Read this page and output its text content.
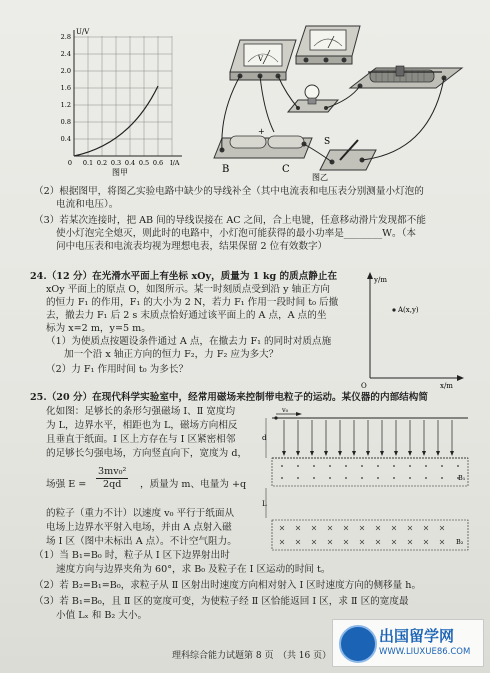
U/V
2.8
2.4
2.0
1.6
1.2
0.8
0.4
0 0.1 0.2 0.3 0.4 0.5 0.6 I/A
图甲
V
+
S
B	C
图乙
（2）根据图甲，将图乙实验电路中缺少的导线补全（其中电流表和电压表分别测量小灯泡的
电流和电压）。
（3）若某次连接时，把 AB 间的导线误接在 AC 之间，合上电键，任意移动滑片发现都不能
使小灯泡完全熄灭，则此时的电路中，小灯泡可能获得的最小功率是________W。（本
问中电压表和电流表均视为理想电表，结果保留 2 位有效数字）
24.（12 分）在光滑水平面上有坐标 xOy，质量为 1 kg 的质点静止在
xOy 平面上的原点 O，如图所示。某一时刻质点受到沿 y 轴正方向
的恒力 F₁ 的作用，F₁ 的大小为 2 N，若力 F₁ 作用一段时间 t₀ 后撤
去，撤去力 F₁ 后 2 s 末质点恰好通过该平面上的 A 点，A 点的坐
标为 x=2 m，y=5 m。
（1）为使质点按题设条件通过 A 点，在撤去力 F₁ 的同时对质点施
加一个沿 x 轴正方向的恒力 F₂，力 F₂ 应为多大？
（2）力 F₁ 作用时间 t₀ 为多长？
y/m
A(x,y)
x/m
O
25.（20 分）在现代科学实验室中，经常用磁场来控制带电粒子的运动。某仪器的内部结构简
化如图：足够长的条形匀强磁场 Ⅰ、Ⅱ 宽度均
为 L，边界水平，相距也为 L，磁场方向相反
且垂直于纸面。Ⅰ 区上方存在与 Ⅰ 区紧密相邻
的足够长匀强电场，方向竖直向下，宽度为 d，
场强 $E = \frac{\text{3mv₀²}}{2qd}$ ，质量为 m、电量为 +q
的粒子（重力不计）以速度 v₀ 平行于纸面从
电场上边界水平射入电场，并由 A 点射入磁
场 Ⅰ 区（图中未标出 A 点）。不计空气阻力。
（1）当 B₁=B₀ 时，粒子从 Ⅰ 区下边界射出时
速度方向与边界夹角为 60°，求 B₀ 及粒子在 Ⅰ 区运动的时间 t。
（2）若 B₂=B₁=B₀，求粒子从 Ⅱ 区射出时速度方向相对射入 Ⅰ 区时速度方向的侧移量 h。
（3）若 B₁=B₀，且 Ⅱ 区的宽度可变，为使粒子经 Ⅱ 区恰能返回 Ⅰ 区，求 Ⅱ 区的宽度最
小值 Lₓ 和 B₂ 大小。
v₀
d
B₁
L
B₂
理科综合能力试题第 8 页　（共 16 页）
出国留学网
WWW.LIUXUE86.COM
